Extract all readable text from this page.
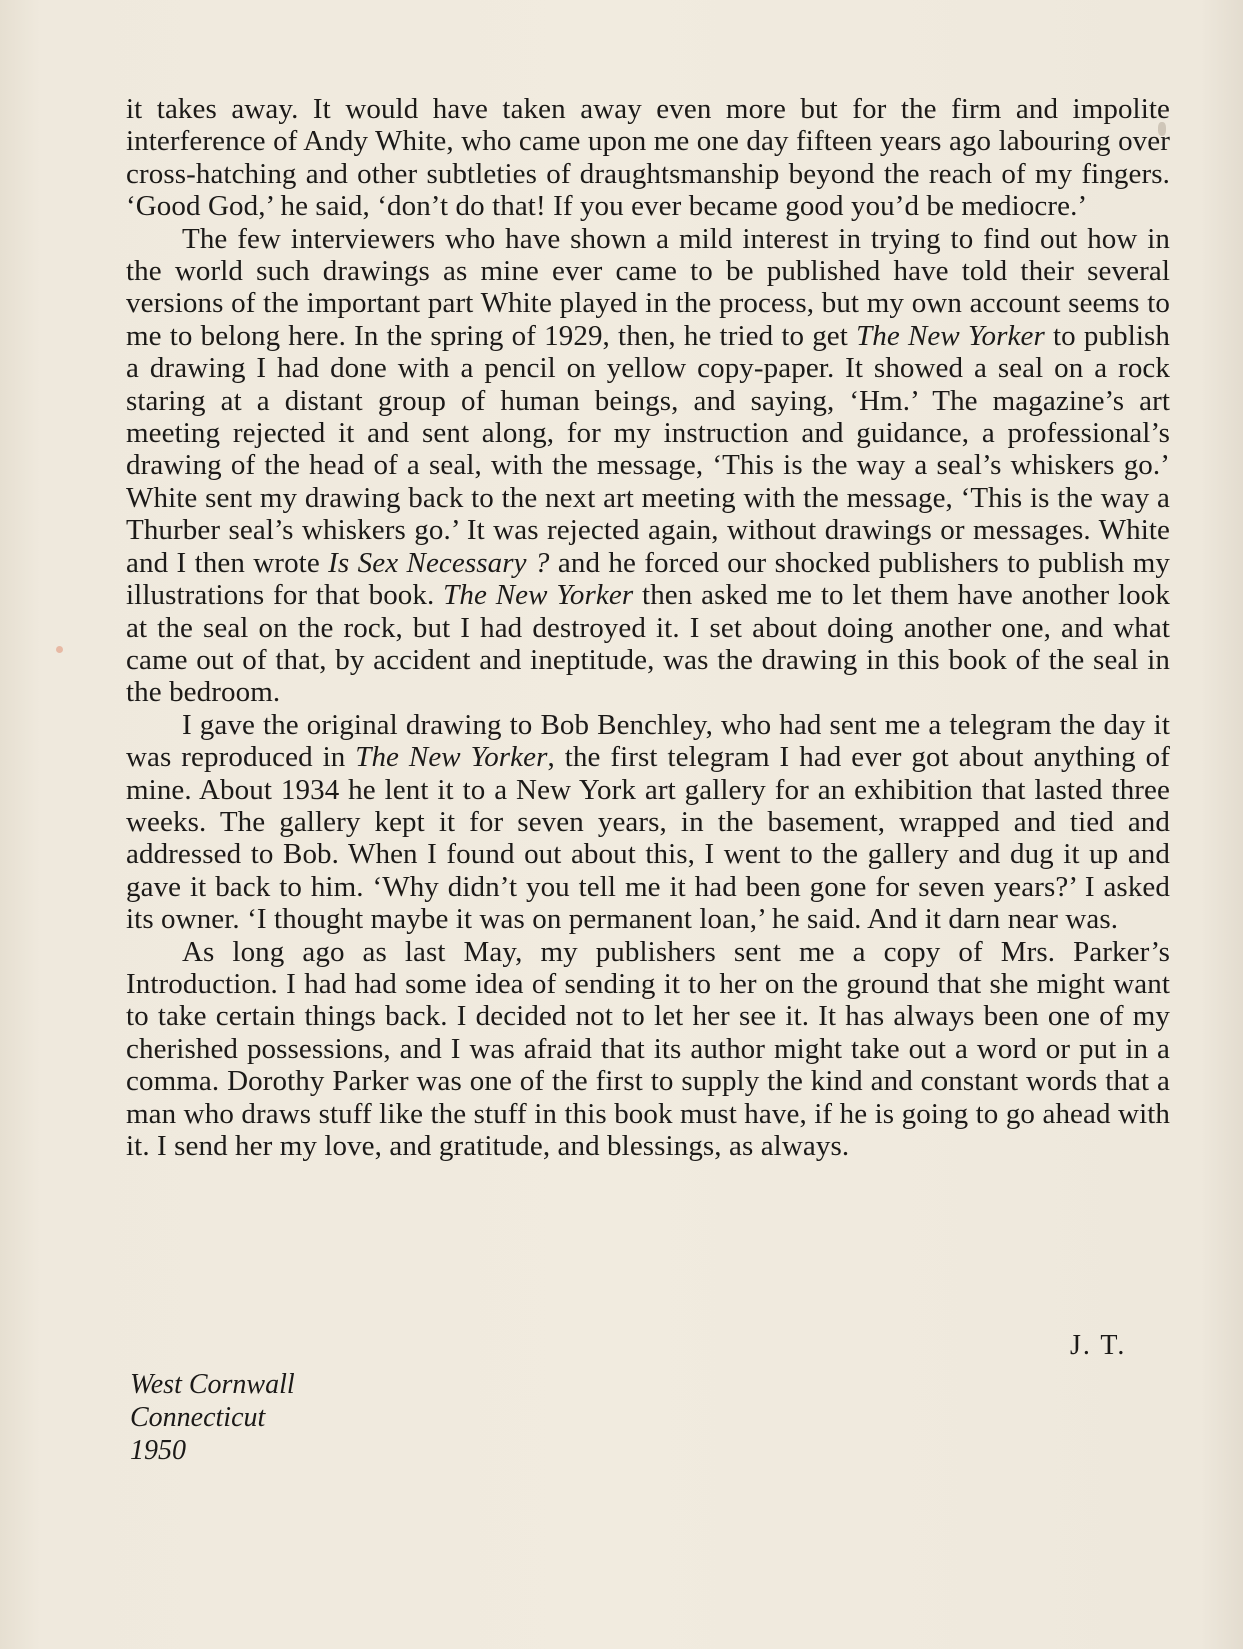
it takes away. It would have taken away even more but for the firm and impolite interference of Andy White, who came upon me one day fifteen years ago labouring over cross-hatching and other subtleties of draughtsmanship beyond the reach of my fingers. ‘Good God,’ he said, ‘don’t do that! If you ever became good you’d be mediocre.’

The few interviewers who have shown a mild interest in trying to find out how in the world such drawings as mine ever came to be published have told their several versions of the important part White played in the process, but my own account seems to me to belong here. In the spring of 1929, then, he tried to get The New Yorker to publish a drawing I had done with a pencil on yellow copy-paper. It showed a seal on a rock staring at a distant group of human beings, and saying, ‘Hm.’ The magazine’s art meeting rejected it and sent along, for my instruction and guidance, a professional’s drawing of the head of a seal, with the message, ‘This is the way a seal’s whiskers go.’ White sent my drawing back to the next art meeting with the message, ‘This is the way a Thurber seal’s whiskers go.’ It was rejected again, without drawings or messages. White and I then wrote Is Sex Necessary ? and he forced our shocked publishers to publish my illustrations for that book. The New Yorker then asked me to let them have another look at the seal on the rock, but I had destroyed it. I set about doing another one, and what came out of that, by accident and ineptitude, was the drawing in this book of the seal in the bedroom.

I gave the original drawing to Bob Benchley, who had sent me a telegram the day it was reproduced in The New Yorker, the first telegram I had ever got about anything of mine. About 1934 he lent it to a New York art gallery for an exhibition that lasted three weeks. The gallery kept it for seven years, in the basement, wrapped and tied and addressed to Bob. When I found out about this, I went to the gallery and dug it up and gave it back to him. ‘Why didn’t you tell me it had been gone for seven years?’ I asked its owner. ‘I thought maybe it was on permanent loan,’ he said. And it darn near was.

As long ago as last May, my publishers sent me a copy of Mrs. Parker’s Introduction. I had had some idea of sending it to her on the ground that she might want to take certain things back. I decided not to let her see it. It has always been one of my cherished possessions, and I was afraid that its author might take out a word or put in a comma. Dorothy Parker was one of the first to supply the kind and constant words that a man who draws stuff like the stuff in this book must have, if he is going to go ahead with it. I send her my love, and gratitude, and blessings, as always.

J. T.
West Cornwall
Connecticut
1950
